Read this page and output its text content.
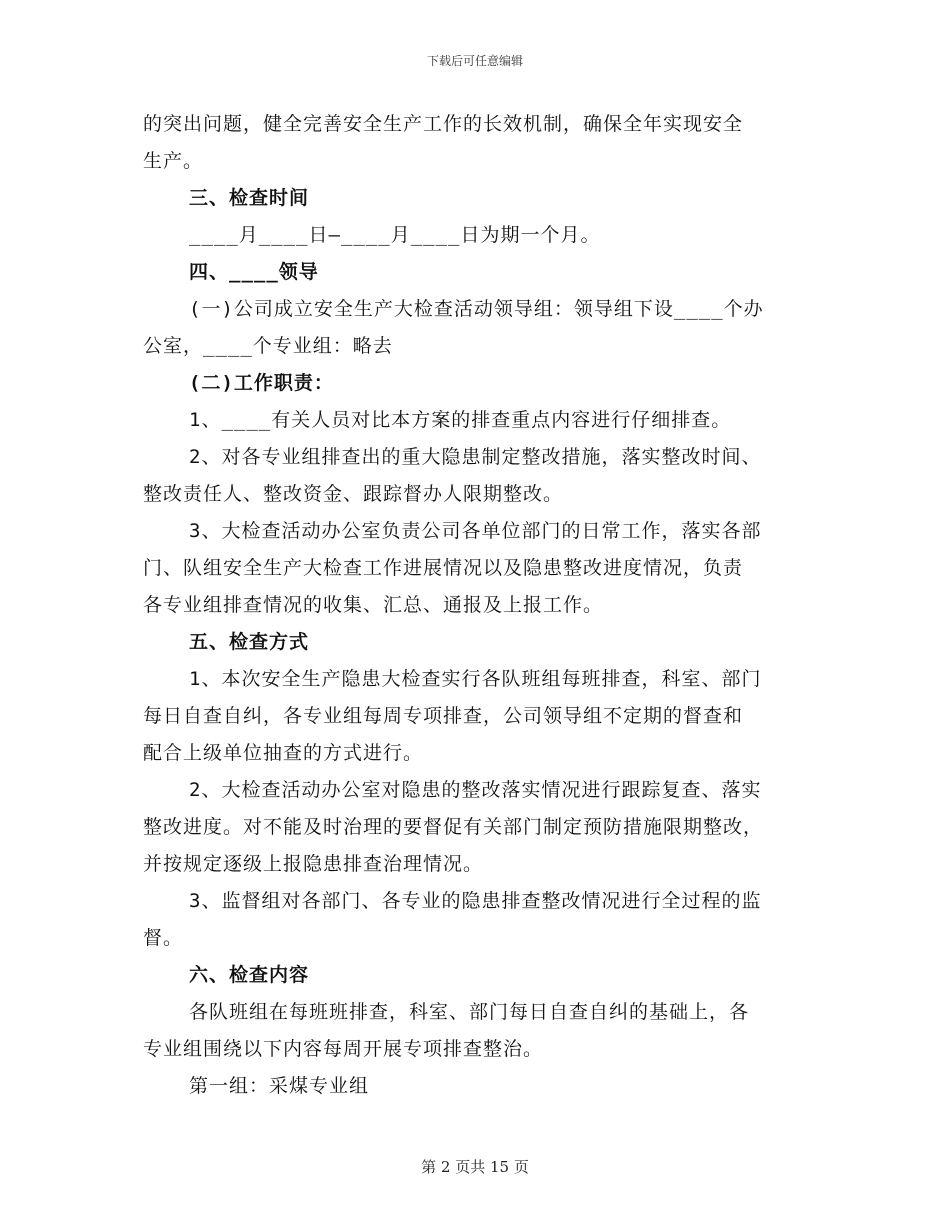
下载后可任意编辑
的突出问题，健全完善安全生产工作的长效机制，确保全年实现安全
生产。
三、检查时间
____月____日—____月____日为期一个月。
四、____领导
(一)公司成立安全生产大检查活动领导组：领导组下设____个办
公室，____个专业组：略去
(二)工作职责：
1、____有关人员对比本方案的排查重点内容进行仔细排查。
2、对各专业组排查出的重大隐患制定整改措施，落实整改时间、
整改责任人、整改资金、跟踪督办人限期整改。
3、大检查活动办公室负责公司各单位部门的日常工作，落实各部
门、队组安全生产大检查工作进展情况以及隐患整改进度情况，负责
各专业组排查情况的收集、汇总、通报及上报工作。
五、检查方式
1、本次安全生产隐患大检查实行各队班组每班排查，科室、部门
每日自查自纠，各专业组每周专项排查，公司领导组不定期的督查和
配合上级单位抽查的方式进行。
2、大检查活动办公室对隐患的整改落实情况进行跟踪复查、落实
整改进度。对不能及时治理的要督促有关部门制定预防措施限期整改，
并按规定逐级上报隐患排查治理情况。
3、监督组对各部门、各专业的隐患排查整改情况进行全过程的监
督。
六、检查内容
各队班组在每班班排查，科室、部门每日自查自纠的基础上，各
专业组围绕以下内容每周开展专项排查整治。
第一组：采煤专业组
第 2 页共 15 页
